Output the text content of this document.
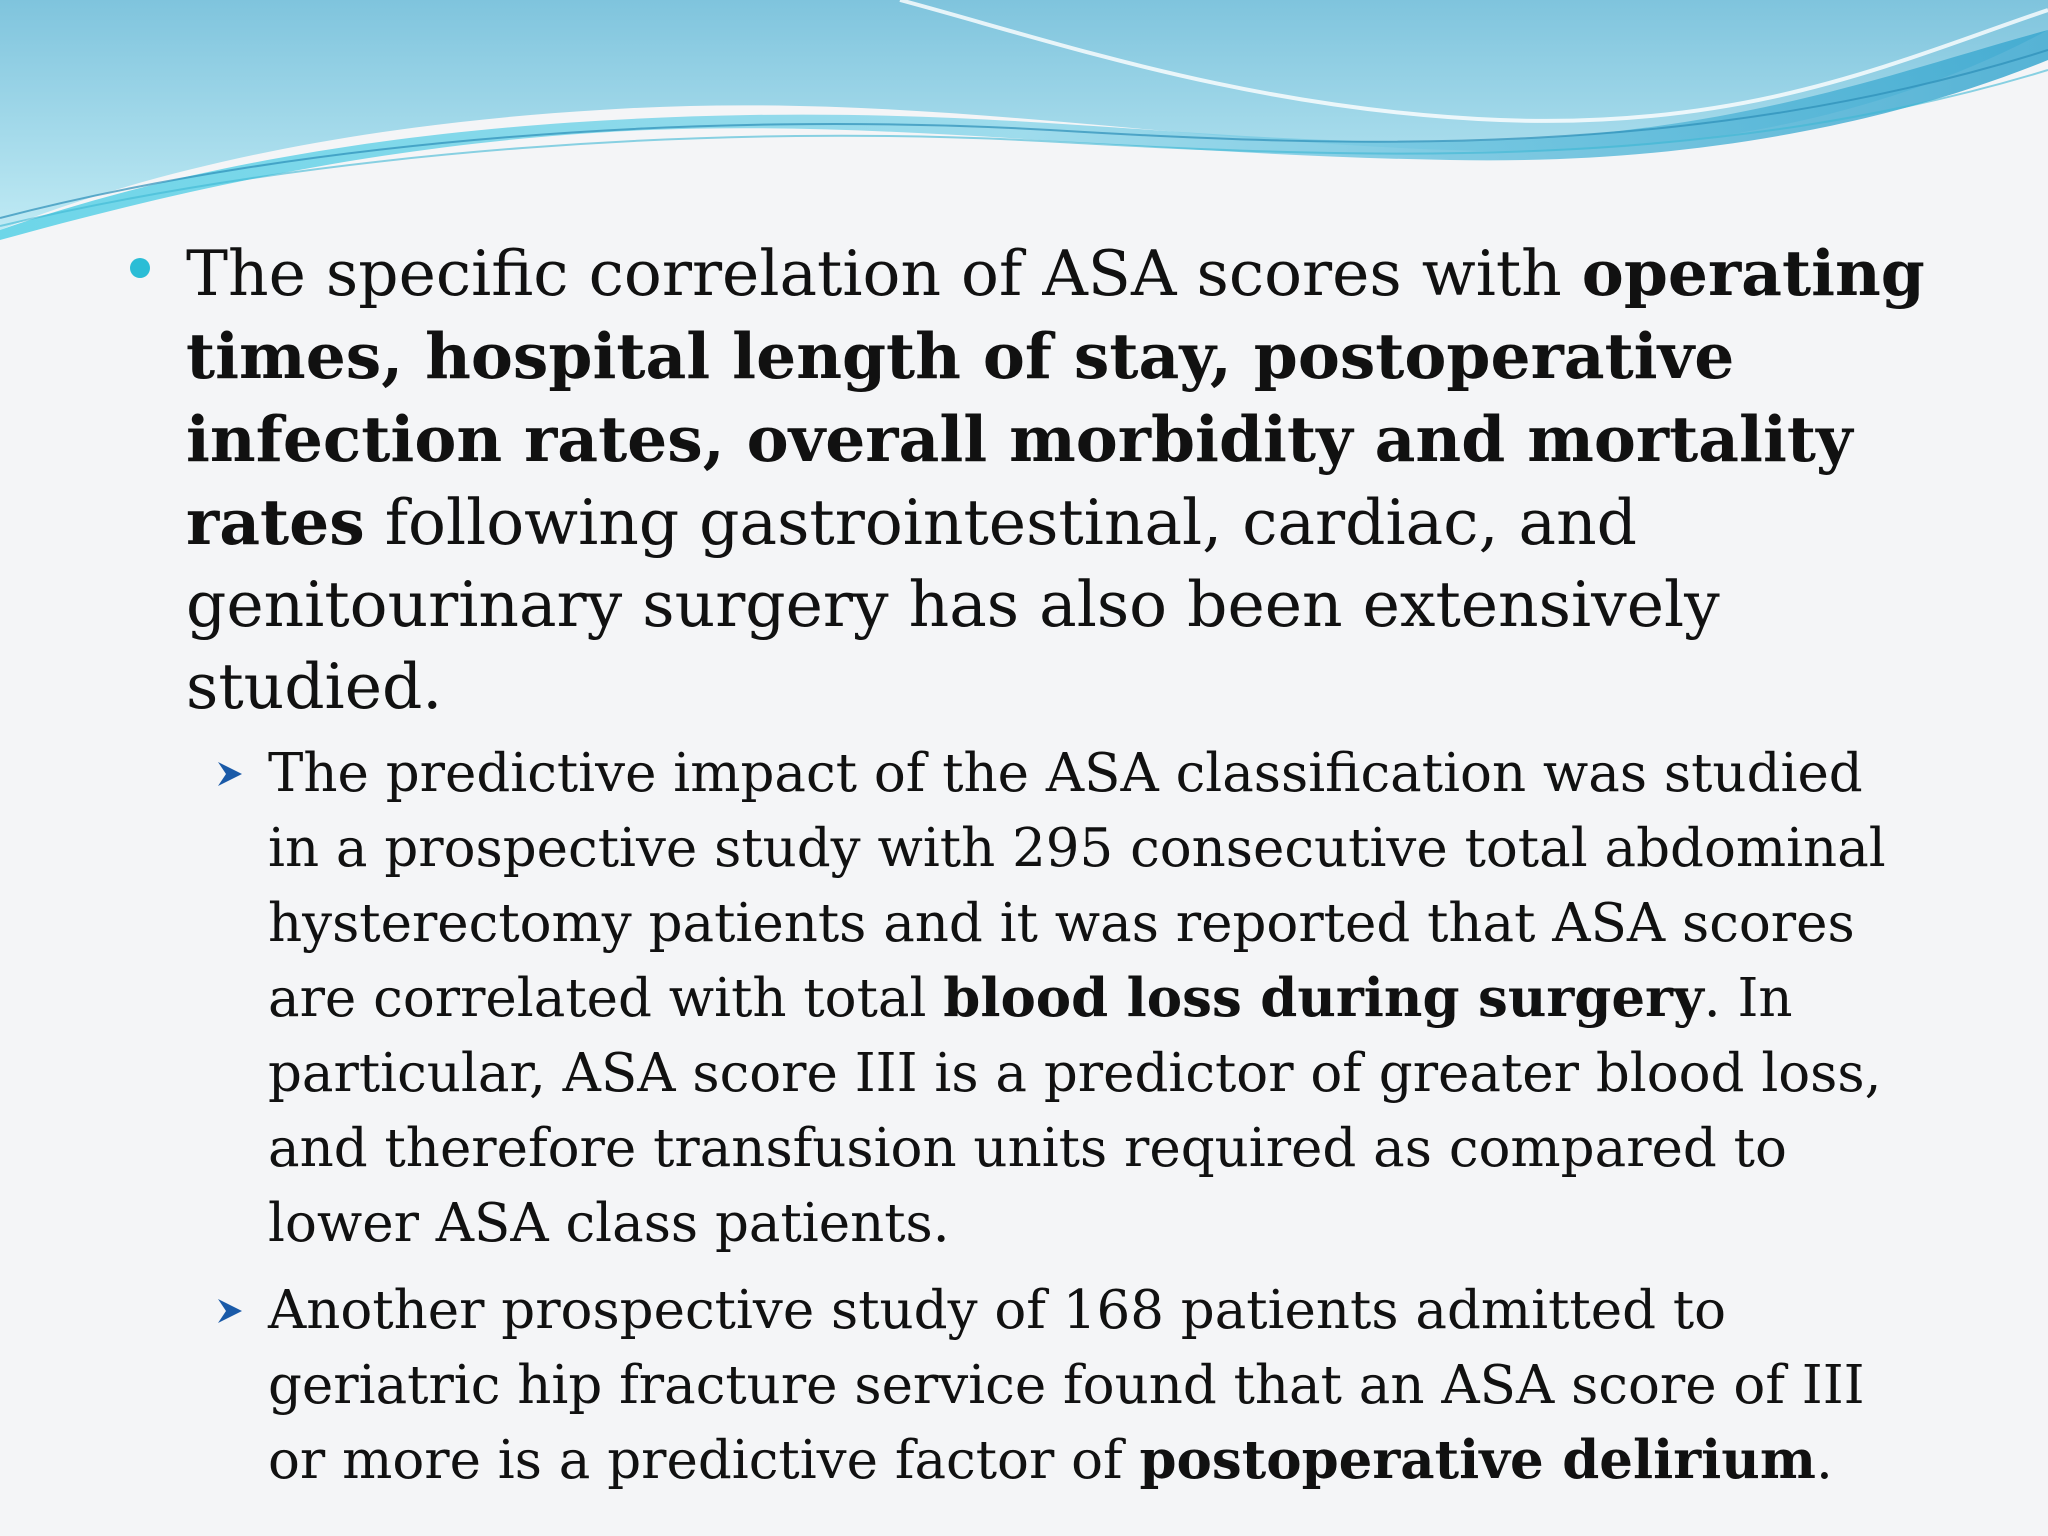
The specific correlation of ASA scores with operating times, hospital length of stay, postoperative infection rates, overall morbidity and mortality rates following gastrointestinal, cardiac, and genitourinary surgery has also been extensively studied.

The predictive impact of the ASA classification was studied in a prospective study with 295 consecutive total abdominal hysterectomy patients and it was reported that ASA scores are correlated with total blood loss during surgery. In particular, ASA score III is a predictor of greater blood loss, and therefore transfusion units required as compared to lower ASA class patients.
Another prospective study of 168 patients admitted to geriatric hip fracture service found that an ASA score of III or more is a predictive factor of postoperative delirium.
